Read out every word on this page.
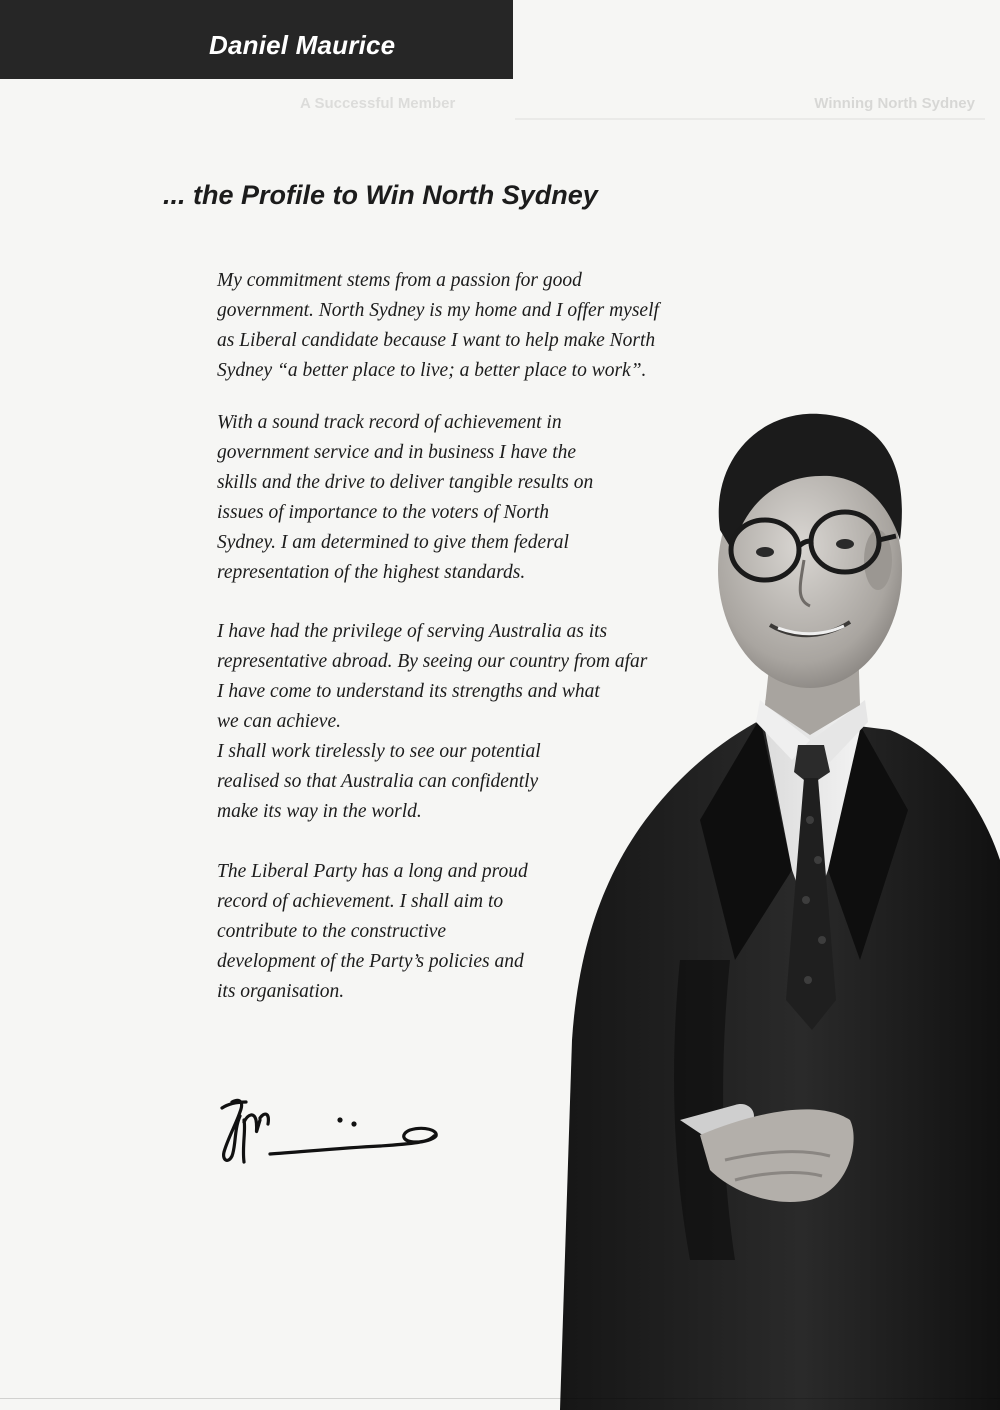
Winning North Sydney
A Successful Member
Daniel Maurice
... the Profile to Win North Sydney

My commitment stems from a passion for good
government. North Sydney is my home and I offer myself
as Liberal candidate because I want to help make North
Sydney “a better place to live; a better place to work”.

With a sound track record of achievement in
government service and in business I have the
skills and the drive to deliver tangible results on
issues of importance to the voters of North
Sydney. I am determined to give them federal
representation of the highest standards.

I have had the privilege of serving Australia as its
representative abroad. By seeing our country from afar
I have come to understand its strengths and what
we can achieve.
I shall work tirelessly to see our potential
realised so that Australia can confidently
make its way in the world.

The Liberal Party has a long and proud
record of achievement. I shall aim to
contribute to the constructive
development of the Party’s policies and
its organisation.
